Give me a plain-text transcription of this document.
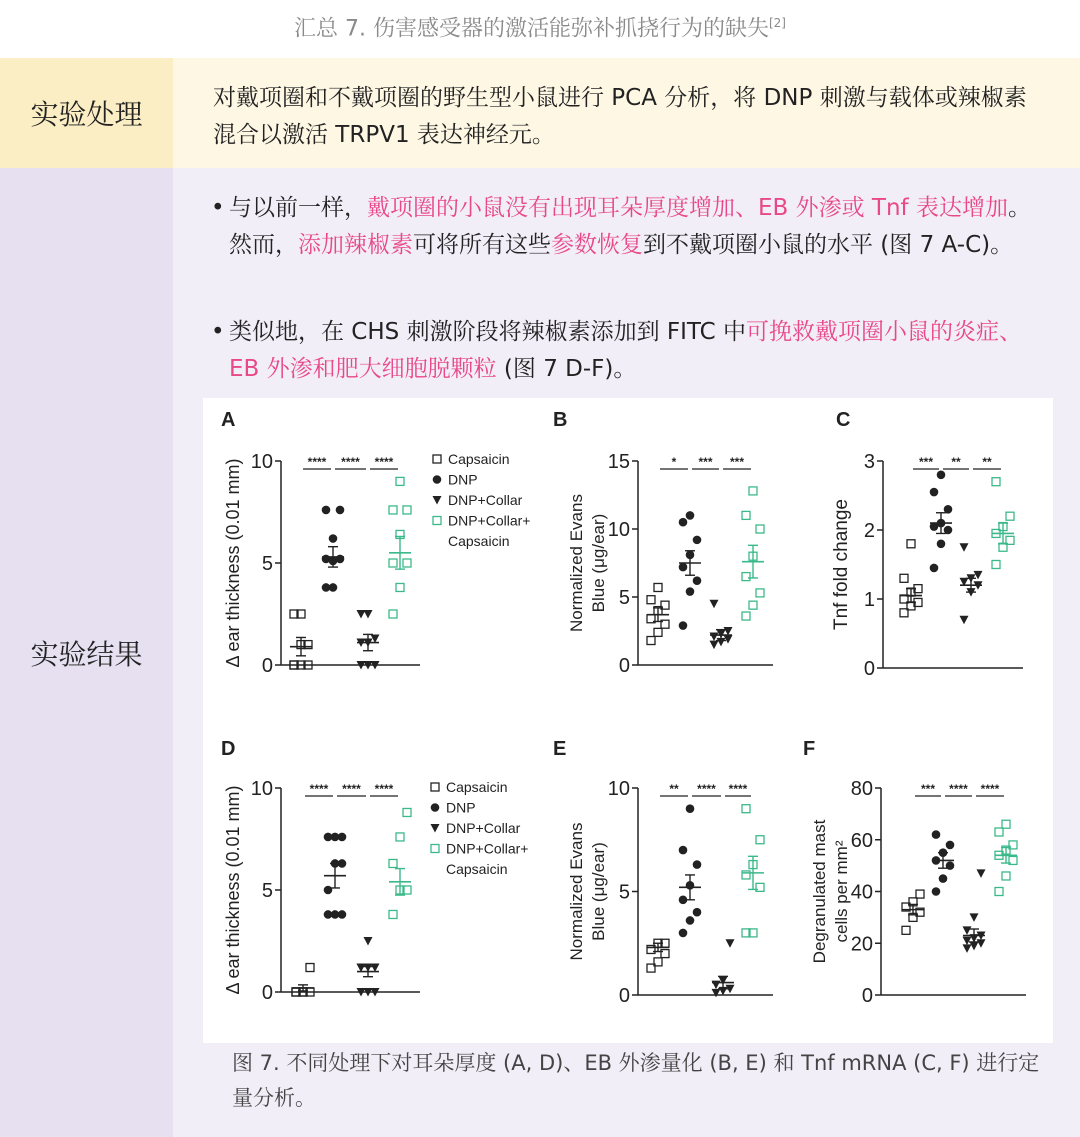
汇总 7. 伤害感受器的激活能弥补抓挠行为的缺失[2]
实验处理	对戴项圈和不戴项圈的野生型小鼠进行 PCA 分析，将 DNP 刺激与载体或辣椒素混合以激活 TRPV1 表达神经元。

实验结果
• 与以前一样，戴项圈的小鼠没有出现耳朵厚度增加、EB 外渗或 Tnf 表达增加。然而，添加辣椒素可将所有这些参数恢复到不戴项圈小鼠的水平 (图 7 A-C)。
• 类似地，在 CHS 刺激阶段将辣椒素添加到 FITC 中可挽救戴项圈小鼠的炎症、EB 外渗和肥大细胞脱颗粒 (图 7 D-F)。
A
0
5
10
Δ ear thickness (0.01 mm)	**** **** ****
B
0
5
10
15
Normalized Evans Blue (μg/ear)
* *** ***
C
0
1
2
3
Tnf fold change
*** ** **
D
0
5
10
Δ ear thickness (0.01 mm)	**** **** ****
E
0
5
10
Normalized Evans Blue (μg/ear)
** **** ****
F
0
20
40
60
80
Degranulated mast cells per mm²
*** **** ****
Capsaicin
DNP
DNP+Collar
DNP+Collar+
Capsaicin
Capsaicin
DNP
DNP+Collar
DNP+Collar+
Capsaicin
图 7. 不同处理下对耳朵厚度 (A, D)、EB 外渗量化 (B, E) 和 Tnf mRNA (C, F) 进行定量分析。
